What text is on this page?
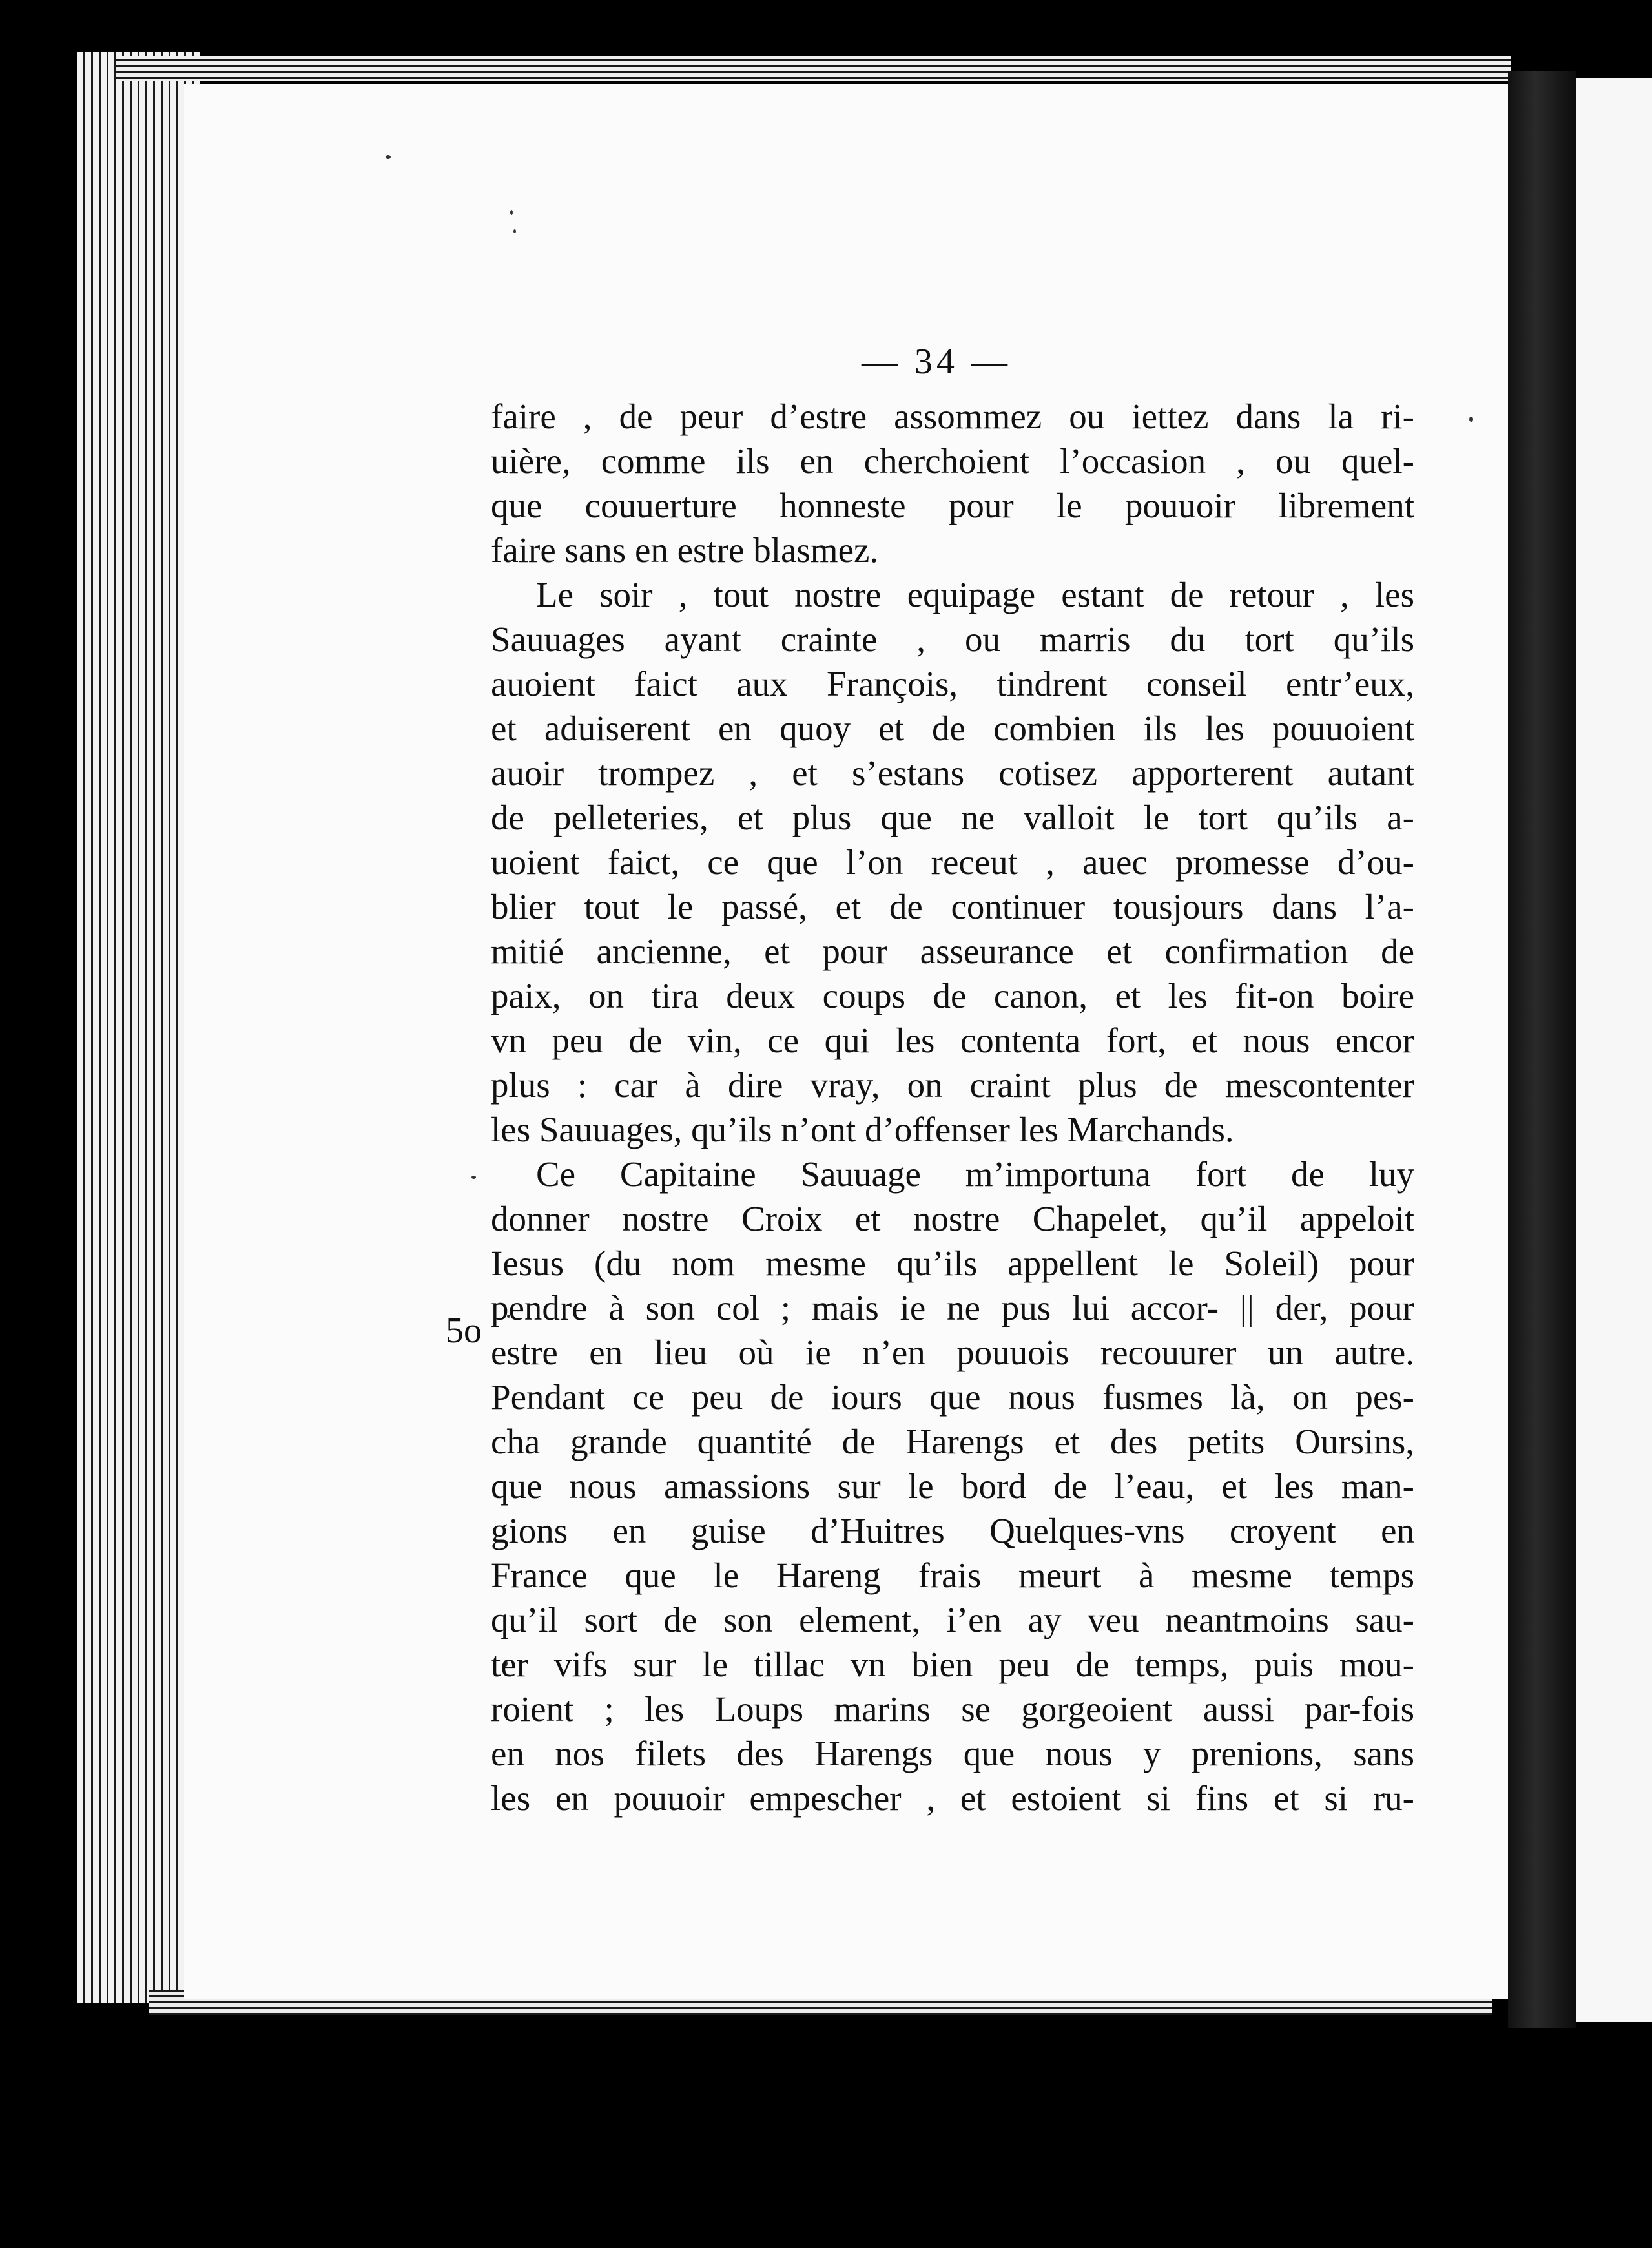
— 34 —
5o
faire , de peur d’estre assommez ou iettez dans la ri-
uière, comme ils en cherchoient l’occasion , ou quel-
que couuerture honneste pour le pouuoir librement
faire sans en estre blasmez.
Le soir , tout nostre equipage estant de retour , les
Sauuages ayant crainte , ou marris du tort qu’ils
auoient faict aux François, tindrent conseil entr’eux,
et aduiserent en quoy et de combien ils les pouuoient
auoir trompez , et s’estans cotisez apporterent autant
de pelleteries, et plus que ne valloit le tort qu’ils a-
uoient faict, ce que l’on receut , auec promesse d’ou-
blier tout le passé, et de continuer tousjours dans l’a-
mitié ancienne, et pour asseurance et confirmation de
paix, on tira deux coups de canon, et les fit-on boire
vn peu de vin, ce qui les contenta fort, et nous encor
plus : car à dire vray, on craint plus de mescontenter
les Sauuages, qu’ils n’ont d’offenser les Marchands.
Ce Capitaine Sauuage m’importuna fort de luy
donner nostre Croix et nostre Chapelet, qu’il appeloit
Iesus (du nom mesme qu’ils appellent le Soleil) pour
pendre à son col ; mais ie ne pus lui accor- || der, pour
estre en lieu où ie n’en pouuois recouurer un autre.
Pendant ce peu de iours que nous fusmes là, on pes-
cha grande quantité de Harengs et des petits Oursins,
que nous amassions sur le bord de l’eau, et les man-
gions en guise d’Huitres Quelques-vns croyent en
France que le Hareng frais meurt à mesme temps
qu’il sort de son element, i’en ay veu neantmoins sau-
ter vifs sur le tillac vn bien peu de temps, puis mou-
roient ; les Loups marins se gorgeoient aussi par-fois
en nos filets des Harengs que nous y prenions, sans
les en pouuoir empescher , et estoient si fins et si ru-
